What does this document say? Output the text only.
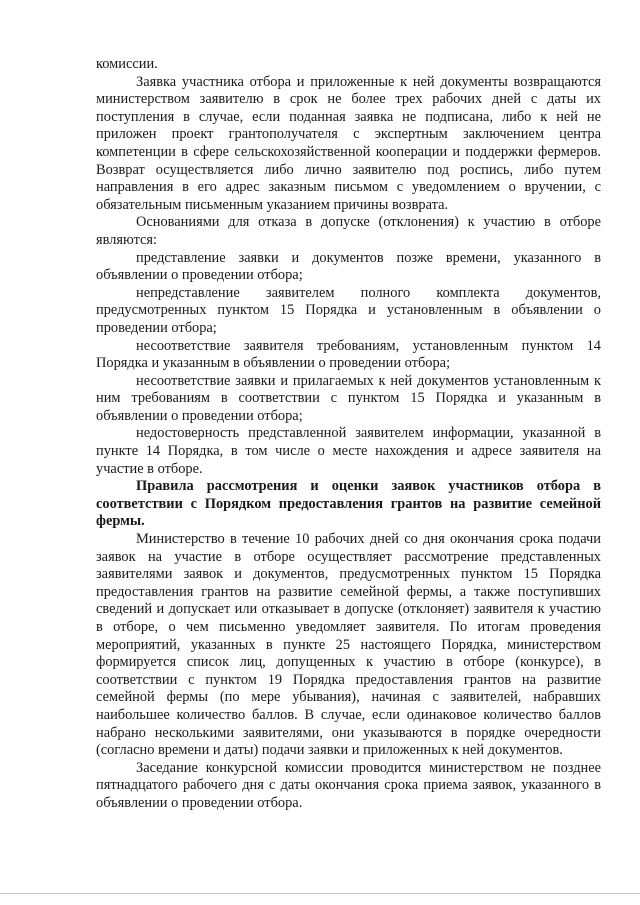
комиссии.

Заявка участника отбора и приложенные к ней документы возвращаются министерством заявителю в срок не более трех рабочих дней с даты их поступления в случае, если поданная заявка не подписана, либо к ней не приложен проект грантополучателя с экспертным заключением центра компетенции в сфере сельскохозяйственной кооперации и поддержки фермеров. Возврат осуществляется либо лично заявителю под роспись, либо путем направления в его адрес заказным письмом с уведомлением о вручении, с обязательным письменным указанием причины возврата.

Основаниями для отказа в допуске (отклонения) к участию в отборе являются:

представление заявки и документов позже времени, указанного в объявлении о проведении отбора;

непредставление заявителем полного комплекта документов, предусмотренных пунктом 15 Порядка и установленным в объявлении о проведении отбора;

несоответствие заявителя требованиям, установленным пунктом 14 Порядка и указанным в объявлении о проведении отбора;

несоответствие заявки и прилагаемых к ней документов установленным к ним требованиям в соответствии с пунктом 15 Порядка и указанным в объявлении о проведении отбора;

недостоверность представленной заявителем информации, указанной в пункте 14 Порядка, в том числе о месте нахождения и адресе заявителя на участие в отборе.

Правила рассмотрения и оценки заявок участников отбора в соответствии с Порядком предоставления грантов на развитие семейной фермы.

Министерство в течение 10 рабочих дней со дня окончания срока подачи заявок на участие в отборе осуществляет рассмотрение представленных заявителями заявок и документов, предусмотренных пунктом 15 Порядка предоставления грантов на развитие семейной фермы, а также поступивших сведений и допускает или отказывает в допуске (отклоняет) заявителя к участию в отборе, о чем письменно уведомляет заявителя. По итогам проведения мероприятий, указанных в пункте 25 настоящего Порядка, министерством формируется список лиц, допущенных к участию в отборе (конкурсе), в соответствии с пунктом 19 Порядка предоставления грантов на развитие семейной фермы (по мере убывания), начиная с заявителей, набравших наибольшее количество баллов. В случае, если одинаковое количество баллов набрано несколькими заявителями, они указываются в порядке очередности (согласно времени и даты) подачи заявки и приложенных к ней документов.

Заседание конкурсной комиссии проводится министерством не позднее пятнадцатого рабочего дня с даты окончания срока приема заявок, указанного в объявлении о проведении отбора.
